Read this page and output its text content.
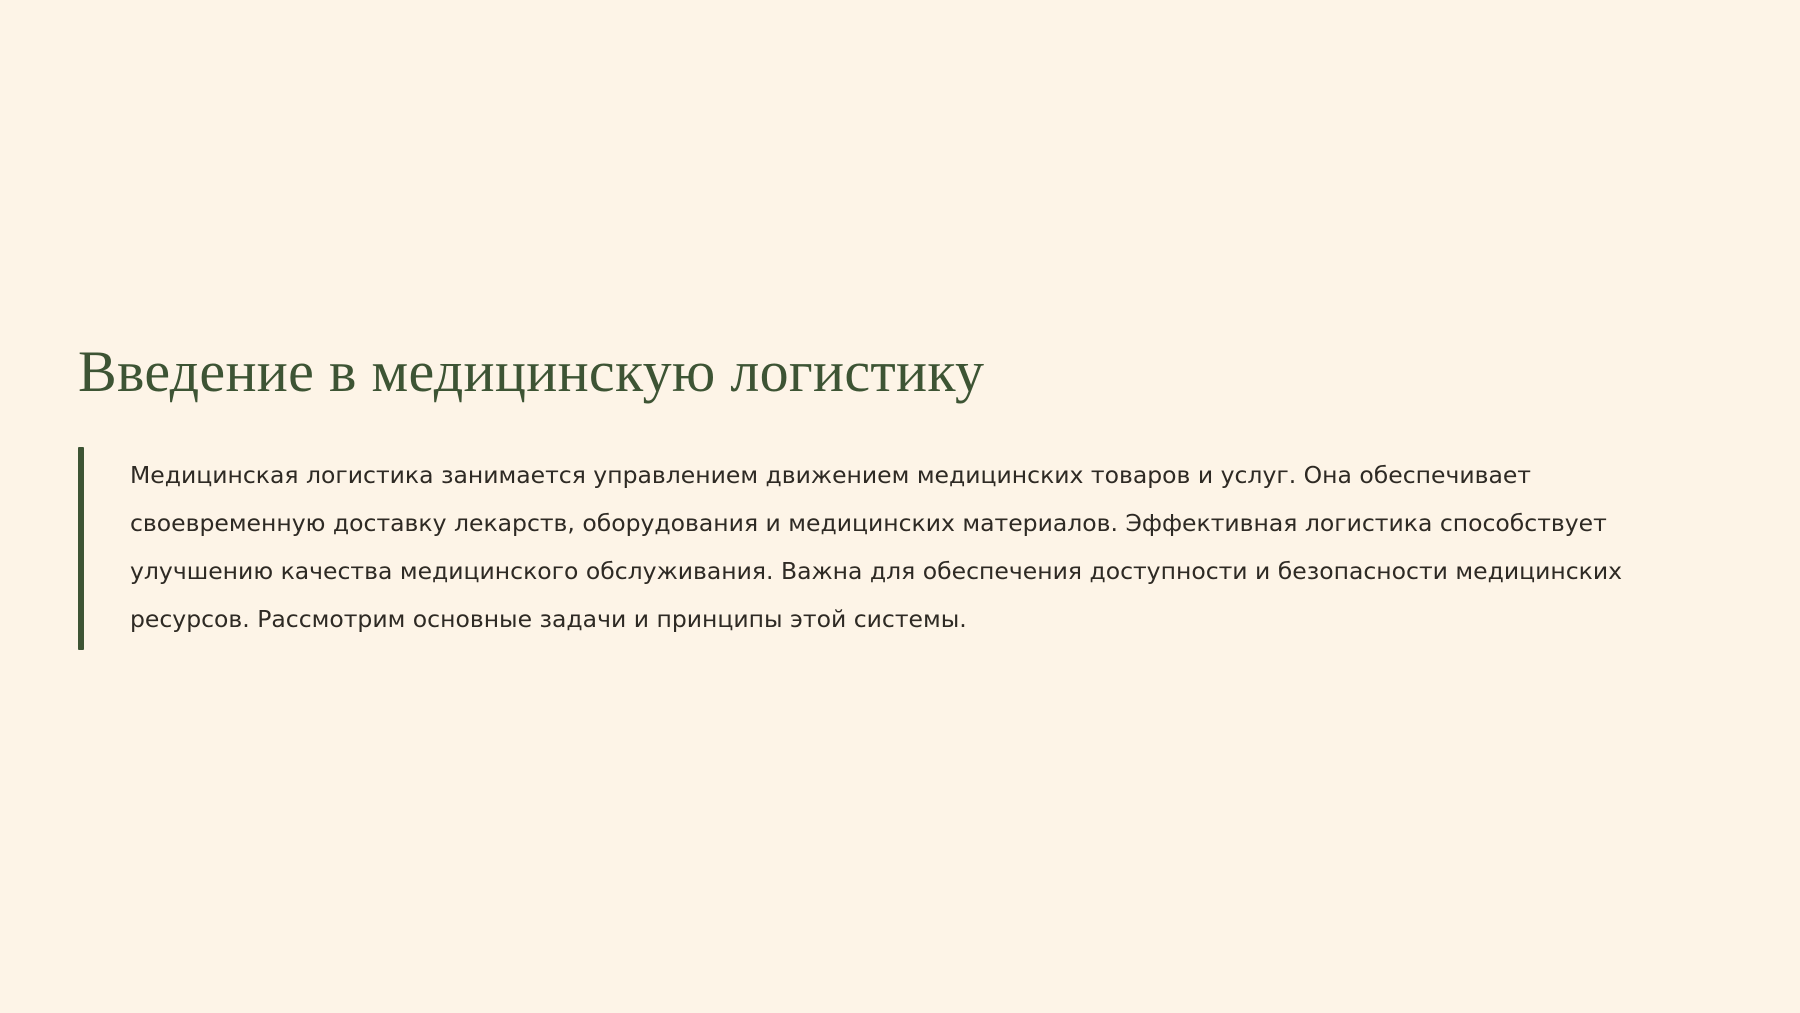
Введение в медицинскую логистику

Медицинская логистика занимается управлением движением медицинских товаров и услуг. Она обеспечивает своевременную доставку лекарств, оборудования и медицинских материалов. Эффективная логистика способствует улучшению качества медицинского обслуживания. Важна для обеспечения доступности и безопасности медицинских ресурсов. Рассмотрим основные задачи и принципы этой системы.
